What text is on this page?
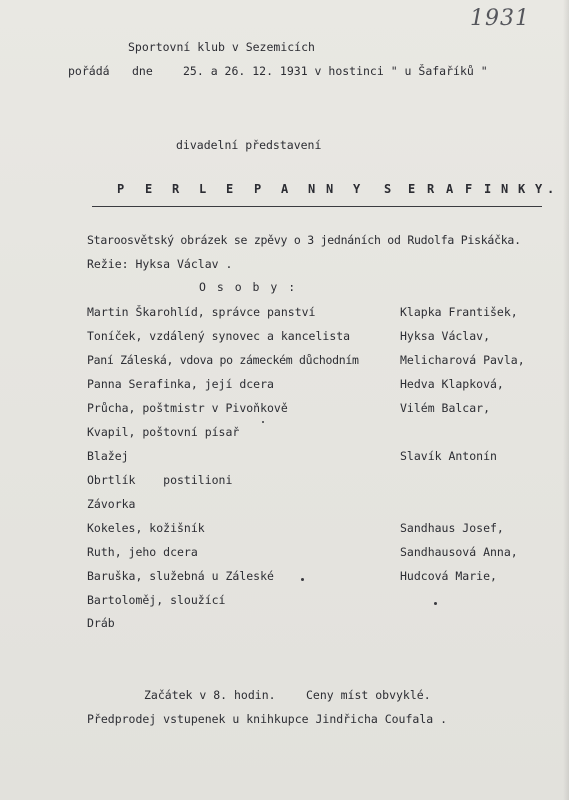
1931
Sportovní klub v Sezemicích
pořádá dne	25. a 26. 12. 1931 v hostinci " u Šafaříků "
divadelní představení
P E R L E P A N N Y S E R A F I N K Y .
Staroosvětský obrázek se zpěvy o 3 jednáních od Rudolfa Piskáčka.
Režie: Hyksa Václav .
O s o b y :
Martin Škarohlíd, správce panství	Klapka František,
Toníček, vzdálený synovec a kancelista	Hyksa Václav,
Paní Záleská, vdova po zámeckém důchodním	Melicharová Pavla,
Panna Serafinka, její dcera	Hedva Klapková,
Průcha, poštmistr v Pivoňkově	Vilém Balcar,
Kvapil, poštovní písař
Blažej	Slavík Antonín
Obrtlík    postilioni
Závorka
Kokeles, kožišník	Sandhaus Josef,
Ruth, jeho dcera	Sandhausová Anna,
Baruška, služebná u Záleské	Hudcová Marie,
Bartoloměj, sloužící
Dráb
Začátek v 8. hodin.	Ceny míst obvyklé.
Předprodej vstupenek u knihkupce Jindřicha Coufala .
